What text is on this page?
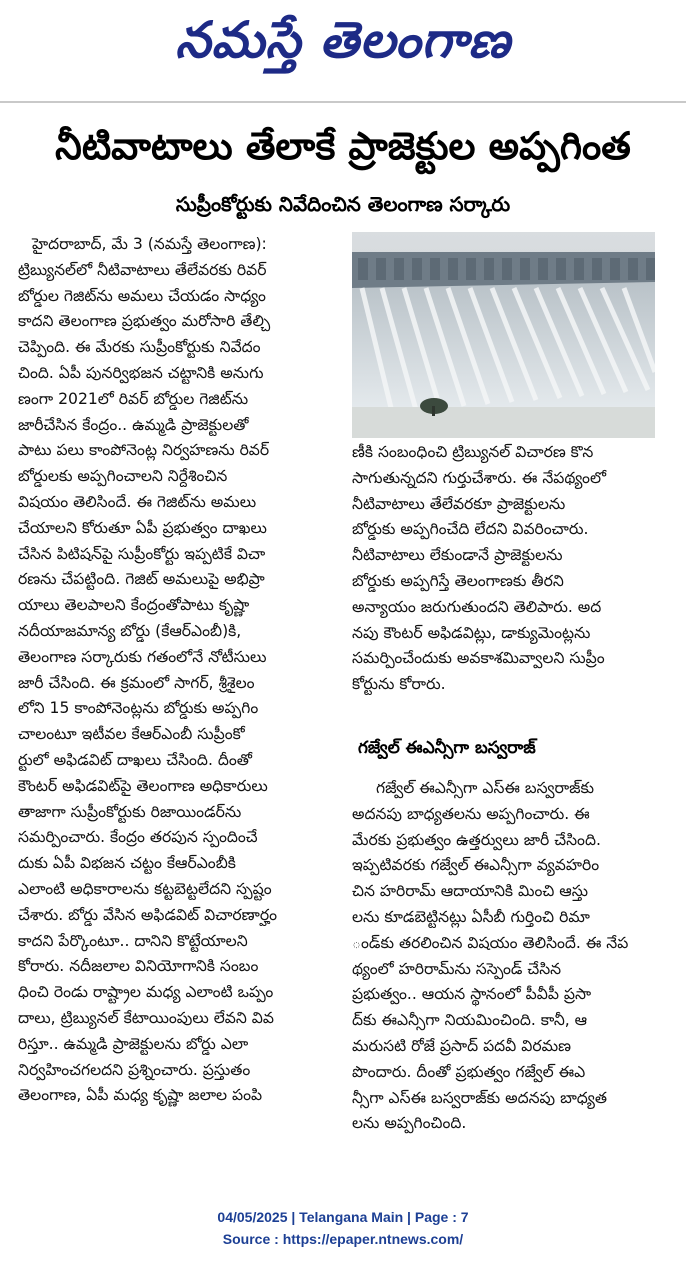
నమస్తే తెలంగాణ
నీటివాటాలు తేలాకే ప్రాజెక్టుల అప్పగింత
సుప్రీంకోర్టుకు నివేదించిన తెలంగాణ సర్కారు
హైదరాబాద్, మే 3 (నమస్తే తెలంగాణ):
ట్రిబ్యునల్‌లో నీటివాటాలు తేలేవరకు రివర్
బోర్డుల గెజిట్‌ను అమలు చేయడం సాధ్యం
కాదని తెలంగాణ ప్రభుత్వం మరోసారి తేల్చి
చెప్పింది. ఈ మేరకు సుప్రీంకోర్టుకు నివేదం
చింది. ఏపీ పునర్విభజన చట్టానికి అనుగు
ణంగా 2021లో రివర్ బోర్డుల గెజిట్‌ను
జారీచేసిన కేంద్రం.. ఉమ్మడి ప్రాజెక్టులతో
పాటు పలు కాంపోనెంట్ల నిర్వహణను రివర్
బోర్డులకు అప్పగించాలని నిర్దేశించిన
విషయం తెలిసిందే. ఈ గెజిట్‌ను అమలు
చేయాలని కోరుతూ ఏపీ ప్రభుత్వం దాఖలు
చేసిన పిటిషన్‌పై సుప్రీంకోర్టు ఇప్పటికే విచా
రణను చేపట్టింది. గెజిట్ అమలుపై అభిప్రా
యాలు తెలపాలని కేంద్రంతోపాటు కృష్ణా
నదీయాజమాన్య బోర్డు (కేఆర్ఎంబీ)కి,
తెలంగాణ సర్కారుకు గతంలోనే నోటీసులు
జారీ చేసింది. ఈ క్రమంలో సాగర్, శ్రీశైలం
లోని 15 కాంపోనెంట్లను బోర్డుకు అప్పగిం
చాలంటూ ఇటీవల కేఆర్ఎంబీ సుప్రీంకో
ర్టులో అఫిడవిట్ దాఖలు చేసింది. దీంతో
కౌంటర్ అఫిడవిట్‌పై తెలంగాణ అధికారులు
తాజాగా సుప్రీంకోర్టుకు రిజాయిండర్‌ను
సమర్పించారు. కేంద్రం తరపున స్పందించే
దుకు ఏపీ విభజన చట్టం కేఆర్ఎంబీకి
ఎలాంటి అధికారాలను కట్టబెట్టలేదని స్పష్టం
చేశారు. బోర్డు వేసిన అఫిడవిట్ విచారణార్హం
కాదని పేర్కొంటూ.. దానిని కొట్టేయాలని
కోరారు. నదీజలాల వినియోగానికి సంబం
ధించి రెండు రాష్ట్రాల మధ్య ఎలాంటి ఒప్పం
దాలు, ట్రిబ్యునల్ కేటాయింపులు లేవని వివ
రిస్తూ.. ఉమ్మడి ప్రాజెక్టులను బోర్డు ఎలా
నిర్వహించగలదని ప్రశ్నించారు. ప్రస్తుతం
తెలంగాణ, ఏపీ మధ్య కృష్ణా జలాల పంపి
ణీకి సంబంధించి ట్రిబ్యునల్ విచారణ కొన
సాగుతున్నదని గుర్తుచేశారు. ఈ నేపథ్యంలో
నీటివాటాలు తేలేవరకూ ప్రాజెక్టులను
బోర్డుకు అప్పగించేది లేదని వివరించారు.
నీటివాటాలు లేకుండానే ప్రాజెక్టులను
బోర్డుకు అప్పగిస్తే తెలంగాణకు తీరని
అన్యాయం జరుగుతుందని తెలిపారు. అద
నపు కౌంటర్ అఫిడవిట్లు, డాక్యుమెంట్లను
సమర్పించేందుకు అవకాశమివ్వాలని సుప్రీం
కోర్టును కోరారు.
గజ్వేల్ ఈఎన్సీగా బస్వరాజ్
గజ్వేల్ ఈఎన్సీగా ఎస్ఈ బస్వరాజ్‌కు
అదనపు బాధ్యతలను అప్పగించారు. ఈ
మేరకు ప్రభుత్వం ఉత్తర్వులు జారీ చేసింది.
ఇప్పటివరకు గజ్వేల్ ఈఎన్సీగా వ్యవహరిం
చిన హరిరామ్ ఆదాయానికి మించి ఆస్తు
లను కూడబెట్టినట్లు ఏసీబీ గుర్తించి రిమా
ండ్‌కు తరలించిన విషయం తెలిసిందే. ఈ నేప
థ్యంలో హరిరామ్‌ను సస్పెండ్ చేసిన
ప్రభుత్వం.. ఆయన స్థానంలో పీవీపీ ప్రసా
ద్‌కు ఈఎన్సీగా నియమించింది. కానీ, ఆ
మరుసటి రోజే ప్రసాద్ పదవీ విరమణ
పొందారు. దీంతో ప్రభుత్వం గజ్వేల్ ఈఎ
న్సీగా ఎస్ఈ బస్వరాజ్‌కు అదనపు బాధ్యత
లను అప్పగించింది.
04/05/2025 | Telangana Main | Page : 7
Source : https://epaper.ntnews.com/
